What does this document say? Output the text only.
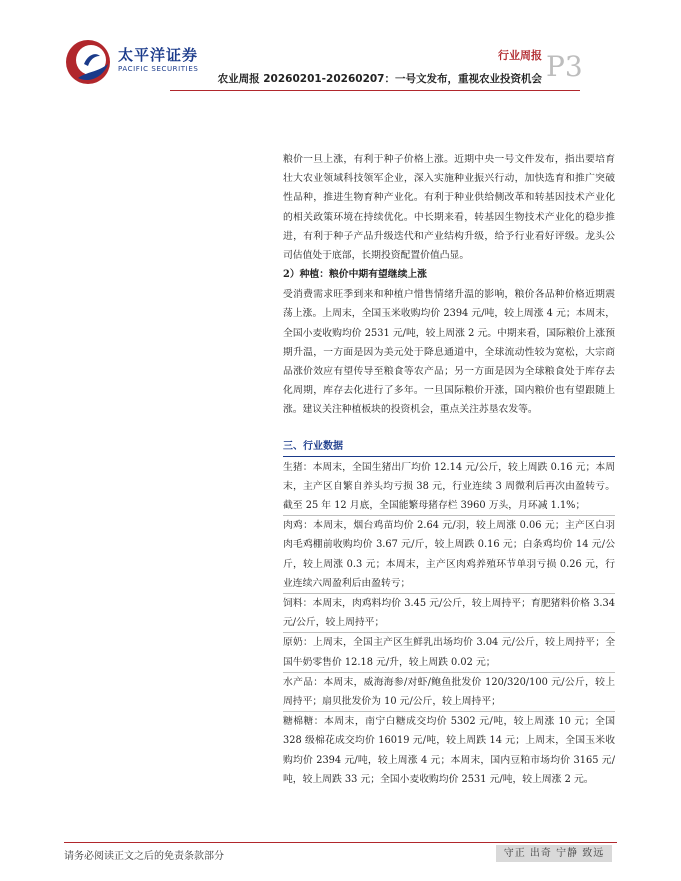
太平洋证券
PACIFIC SECURITIES
行业周报
农业周报 20260201-20260207：一号文发布，重视农业投资机会 P3

粮价一旦上涨，有利于种子价格上涨。近期中央一号文件发布，指出要培育壮大农业领域科技领军企业，深入实施种业振兴行动，加快选育和推广突破性品种，推进生物育种产业化。有利于种业供给侧改革和转基因技术产业化的相关政策环境在持续优化。中长期来看，转基因生物技术产业化的稳步推进，有利于种子产品升级迭代和产业结构升级，给予行业看好评级。龙头公司估值处于底部，长期投资配置价值凸显。

2）种植：粮价中期有望继续上涨

受消费需求旺季到来和种植户惜售情绪升温的影响，粮价各品种价格近期震荡上涨。上周末，全国玉米收购均价 2394 元/吨，较上周涨 4 元；本周末，全国小麦收购均价 2531 元/吨，较上周涨 2 元。中期来看，国际粮价上涨预期升温，一方面是因为美元处于降息通道中，全球流动性较为宽松，大宗商品涨价效应有望传导至粮食等农产品；另一方面是因为全球粮食处于库存去化周期，库存去化进行了多年。一旦国际粮价开涨，国内粮价也有望跟随上涨。建议关注种植板块的投资机会，重点关注苏垦农发等。

三、行业数据

生猪：本周末，全国生猪出厂均价 12.14 元/公斤，较上周跌 0.16 元；本周末，主产区自繁自养头均亏损 38 元，行业连续 3 周微利后再次由盈转亏。截至 25 年 12 月底，全国能繁母猪存栏 3960 万头，月环减 1.1%；

肉鸡：本周末，烟台鸡苗均价 2.64 元/羽，较上周涨 0.06 元；主产区白羽肉毛鸡棚前收购均价 3.67 元/斤，较上周跌 0.16 元；白条鸡均价 14 元/公斤，较上周涨 0.3 元；本周末，主产区肉鸡养殖环节单羽亏损 0.26 元，行业连续六周盈利后由盈转亏；

饲料：本周末，肉鸡料均价 3.45 元/公斤，较上周持平；育肥猪料价格 3.34 元/公斤，较上周持平；

原奶：上周末，全国主产区生鲜乳出场均价 3.04 元/公斤，较上周持平；全国牛奶零售价 12.18 元/升，较上周跌 0.02 元；

水产品：本周末，威海海参/对虾/鲍鱼批发价 120/320/100 元/公斤，较上周持平；扇贝批发价为 10 元/公斤，较上周持平；

糖棉糖：本周末，南宁白糖成交均价 5302 元/吨，较上周涨 10 元；全国 328 级棉花成交均价 16019 元/吨，较上周跌 14 元；上周末，全国玉米收购均价 2394 元/吨，较上周涨 4 元；本周末，国内豆粕市场均价 3165 元/吨，较上周跌 33 元；全国小麦收购均价 2531 元/吨，较上周涨 2 元。

请务必阅读正文之后的免责条款部分	守正 出奇 宁静 致远
